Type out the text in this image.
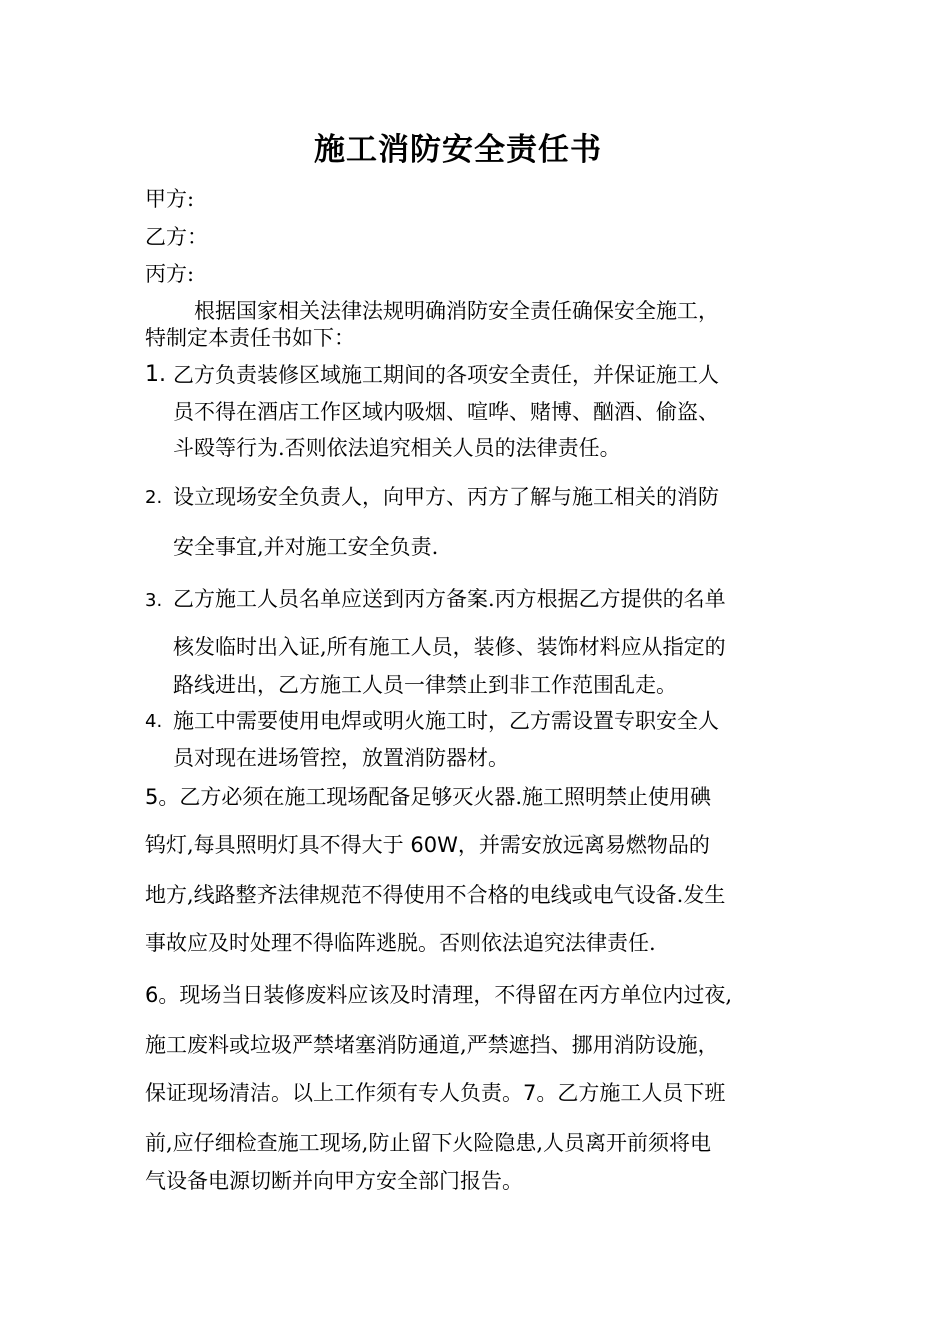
施工消防安全责任书
甲方:
乙方：
丙方:
根据国家相关法律法规明确消防安全责任确保安全施工，
特制定本责任书如下：
1. 乙方负责装修区域施工期间的各项安全责任，并保证施工人
员不得在酒店工作区域内吸烟、喧哗、赌博、酗酒、偷盗、
斗殴等行为.否则依法追究相关人员的法律责任。
2. 设立现场安全负责人，向甲方、丙方了解与施工相关的消防
安全事宜,并对施工安全负责.
3. 乙方施工人员名单应送到丙方备案.丙方根据乙方提供的名单
核发临时出入证,所有施工人员，装修、装饰材料应从指定的
路线进出，乙方施工人员一律禁止到非工作范围乱走。
4. 施工中需要使用电焊或明火施工时，乙方需设置专职安全人
员对现在进场管控，放置消防器材。
5。乙方必须在施工现场配备足够灭火器.施工照明禁止使用碘
钨灯,每具照明灯具不得大于 60W，并需安放远离易燃物品的
地方,线路整齐法律规范不得使用不合格的电线或电气设备.发生
事故应及时处理不得临阵逃脱。否则依法追究法律责任.
6。现场当日装修废料应该及时清理，不得留在丙方单位内过夜,
施工废料或垃圾严禁堵塞消防通道,严禁遮挡、挪用消防设施，
保证现场清洁。以上工作须有专人负责。7。乙方施工人员下班
前,应仔细检查施工现场,防止留下火险隐患,人员离开前须将电
气设备电源切断并向甲方安全部门报告。
